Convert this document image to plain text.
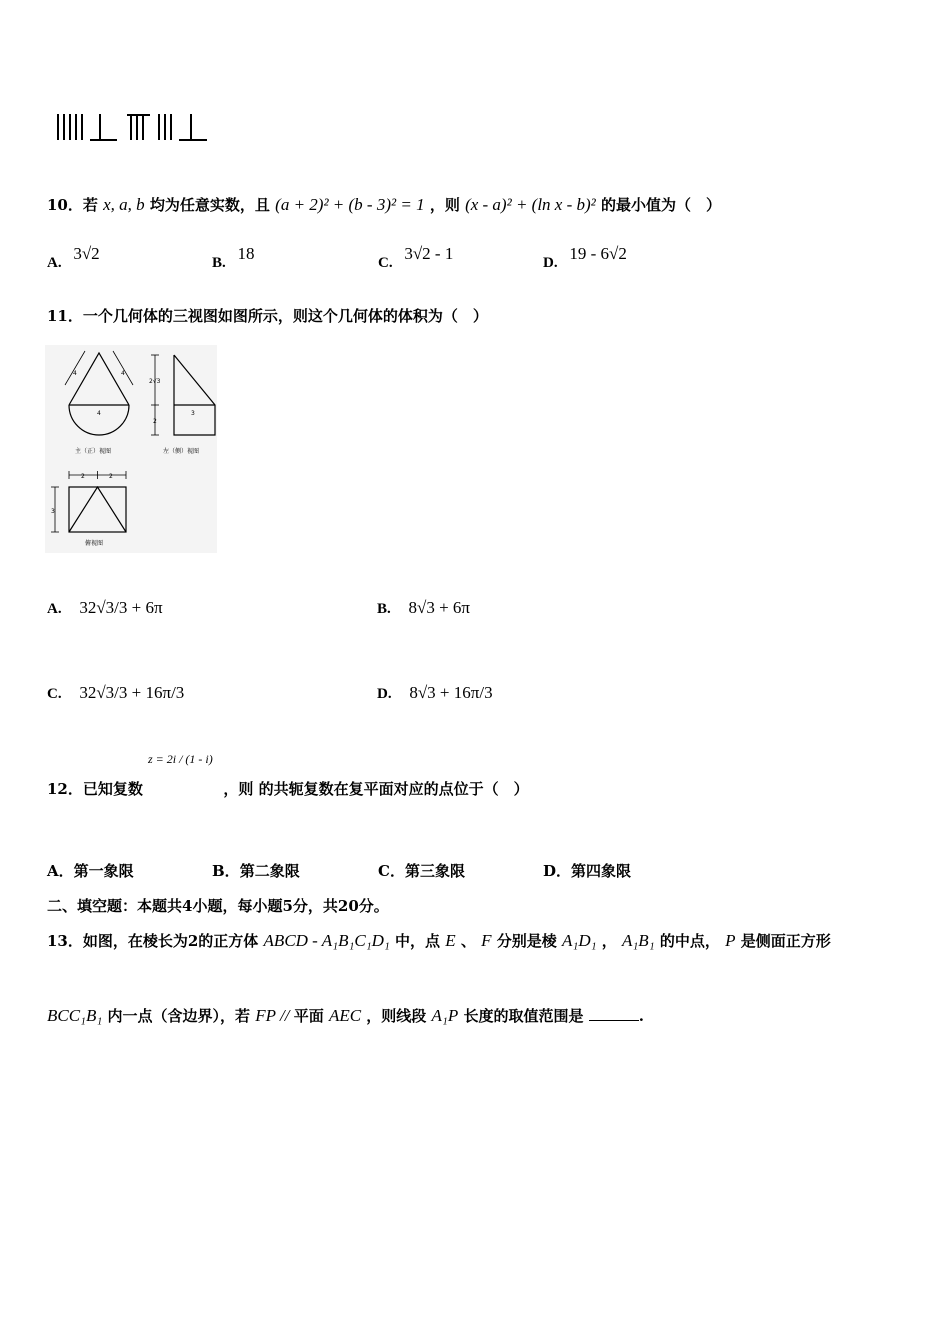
10．若 x, a, b 均为任意实数，且 (a + 2)² + (b - 3)² = 1 ，则 (x - a)² + (ln x - b)² 的最小值为（　）
A. 3√2	B. 18	C. 3√2 - 1	D. 19 - 6√2
11．一个几何体的三视图如图所示，则这个几何体的体积为（　）
4
4	4
主（正）视图
2√3
2
3
左（侧）视图
2	2
3
俯视图
A. 32√3/3 + 6π	B. 8√3 + 6π
C. 32√3/3 + 16π/3	D. 8√3 + 16π/3
z = 2i / (1 - i)
12．已知复数	，则 的共轭复数在复平面对应的点位于（　）
A．第一象限	B．第二象限	C．第三象限	D．第四象限
二、填空题：本题共4小题，每小题5分，共20分。
13．如图，在棱长为2的正方体 ABCD - A₁B₁C₁D₁ 中，点 E 、 F 分别是棱 A₁D₁ ， A₁B₁ 的中点， P 是侧面正方形
BCC₁B₁ 内一点（含边界），若 FP // 平面 AEC ，则线段 A₁P 长度的取值范围是	.
